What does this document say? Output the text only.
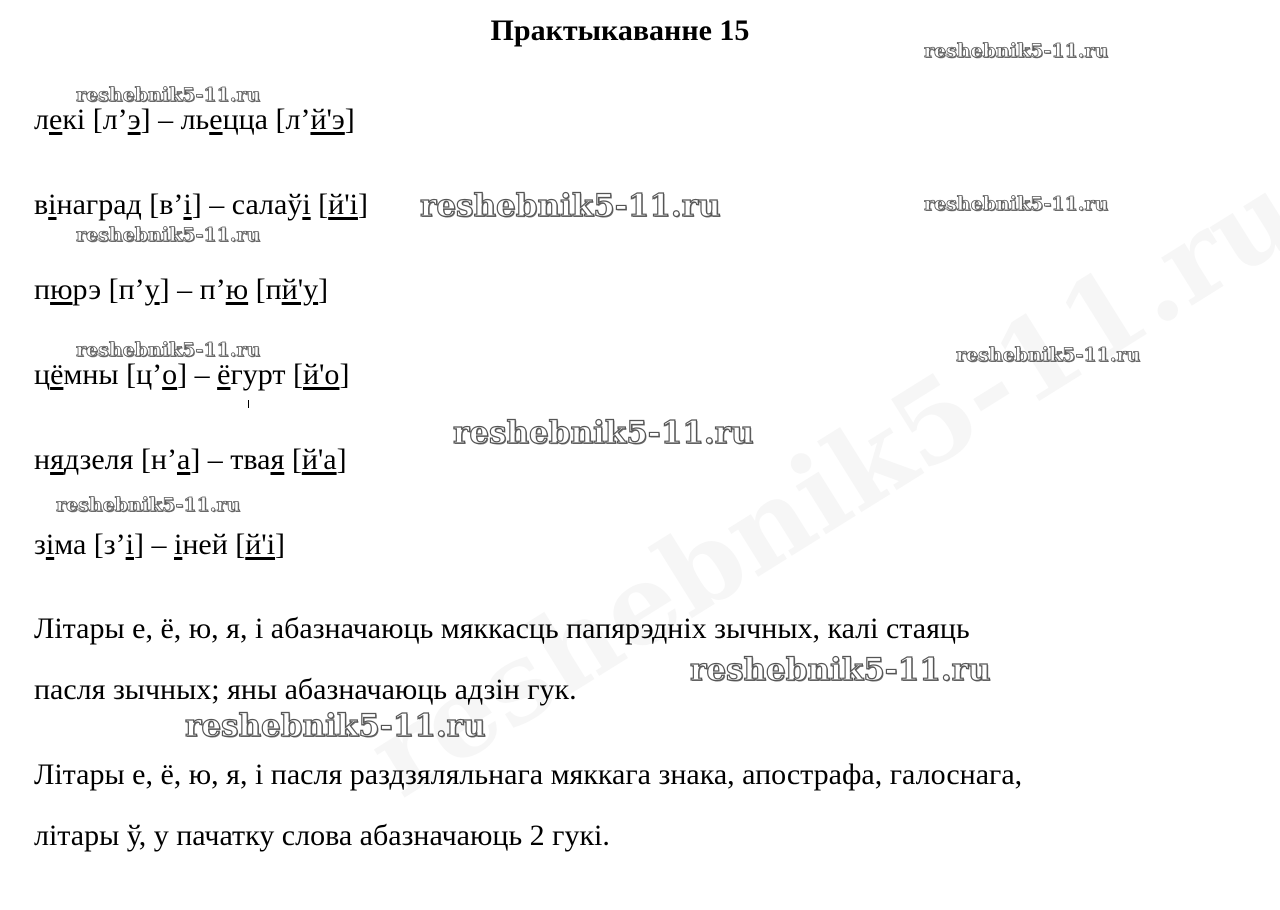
Практыкаванне 15
лекі [л’э] – льецца [л’й'э]
вінаград [в’і] – салаўі [й'і]
пюрэ [п’у] – п’ю [пй'у]
цёмны [ц’о] – ёгурт [й'о]
нядзеля [н’а] – твая [й'а]
зіма [з’і] – іней [й'і]
Літары е, ё, ю, я, і абазначаюць мяккасць папярэдніх зычных, калі стаяць
пасля зычных; яны абазначаюць адзін гук.
Літары е, ё, ю, я, і пасля раздзяляльнага мяккага знака, апострафа, галоснага,
літары ў, у пачатку слова абазначаюць 2 гукі.
reshebnik5-11.ru
reshebnik5-11.ru
reshebnik5-11.ru	reshebnik5-11.ru
reshebnik5-11.ru
reshebnik5-11.ru	reshebnik5-11.ru
reshebnik5-11.ru
reshebnik5-11.ru
reshebnik5-11.ru
reshebnik5-11.ru
